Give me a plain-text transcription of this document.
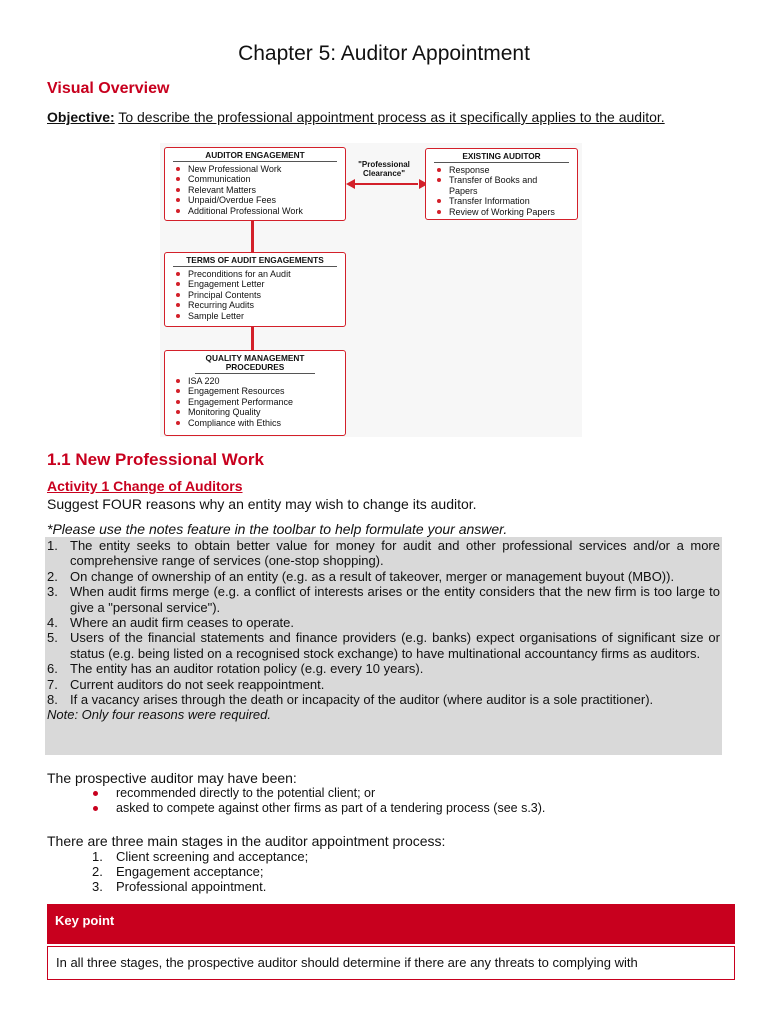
Chapter 5: Auditor Appointment
Visual Overview
Objective: To describe the professional appointment process as it specifically applies to the auditor.
AUDITOR ENGAGEMENT
New Professional Work
Communication
Relevant Matters
Unpaid/Overdue Fees
Additional Professional Work
"Professional Clearance"
EXISTING AUDITOR
Response
Transfer of Books and Papers
Transfer Information
Review of Working Papers
TERMS OF AUDIT ENGAGEMENTS
Preconditions for an Audit
Engagement Letter
Principal Contents
Recurring Audits
Sample Letter
QUALITY MANAGEMENT PROCEDURES
ISA 220
Engagement Resources
Engagement Performance
Monitoring Quality
Compliance with Ethics
1.1 New Professional Work
Activity 1 Change of Auditors
Suggest FOUR reasons why an entity may wish to change its auditor.
*Please use the notes feature in the toolbar to help formulate your answer.
1. The entity seeks to obtain better value for money for audit and other professional services and/or a more comprehensive range of services (one-stop shopping).
2. On change of ownership of an entity (e.g. as a result of takeover, merger or management buyout (MBO)).
3. When audit firms merge (e.g. a conflict of interests arises or the entity considers that the new firm is too large to give a "personal service").
4. Where an audit firm ceases to operate.
5. Users of the financial statements and finance providers (e.g. banks) expect organisations of significant size or status (e.g. being listed on a recognised stock exchange) to have multinational accountancy firms as auditors.
6. The entity has an auditor rotation policy (e.g. every 10 years).
7. Current auditors do not seek reappointment.
8. If a vacancy arises through the death or incapacity of the auditor (where auditor is a sole practitioner).
Note: Only four reasons were required.
The prospective auditor may have been:
recommended directly to the potential client; or
asked to compete against other firms as part of a tendering process (see s.3).
There are three main stages in the auditor appointment process:
1. Client screening and acceptance;
2. Engagement acceptance;
3. Professional appointment.
Key point
In all three stages, the prospective auditor should determine if there are any threats to complying with
